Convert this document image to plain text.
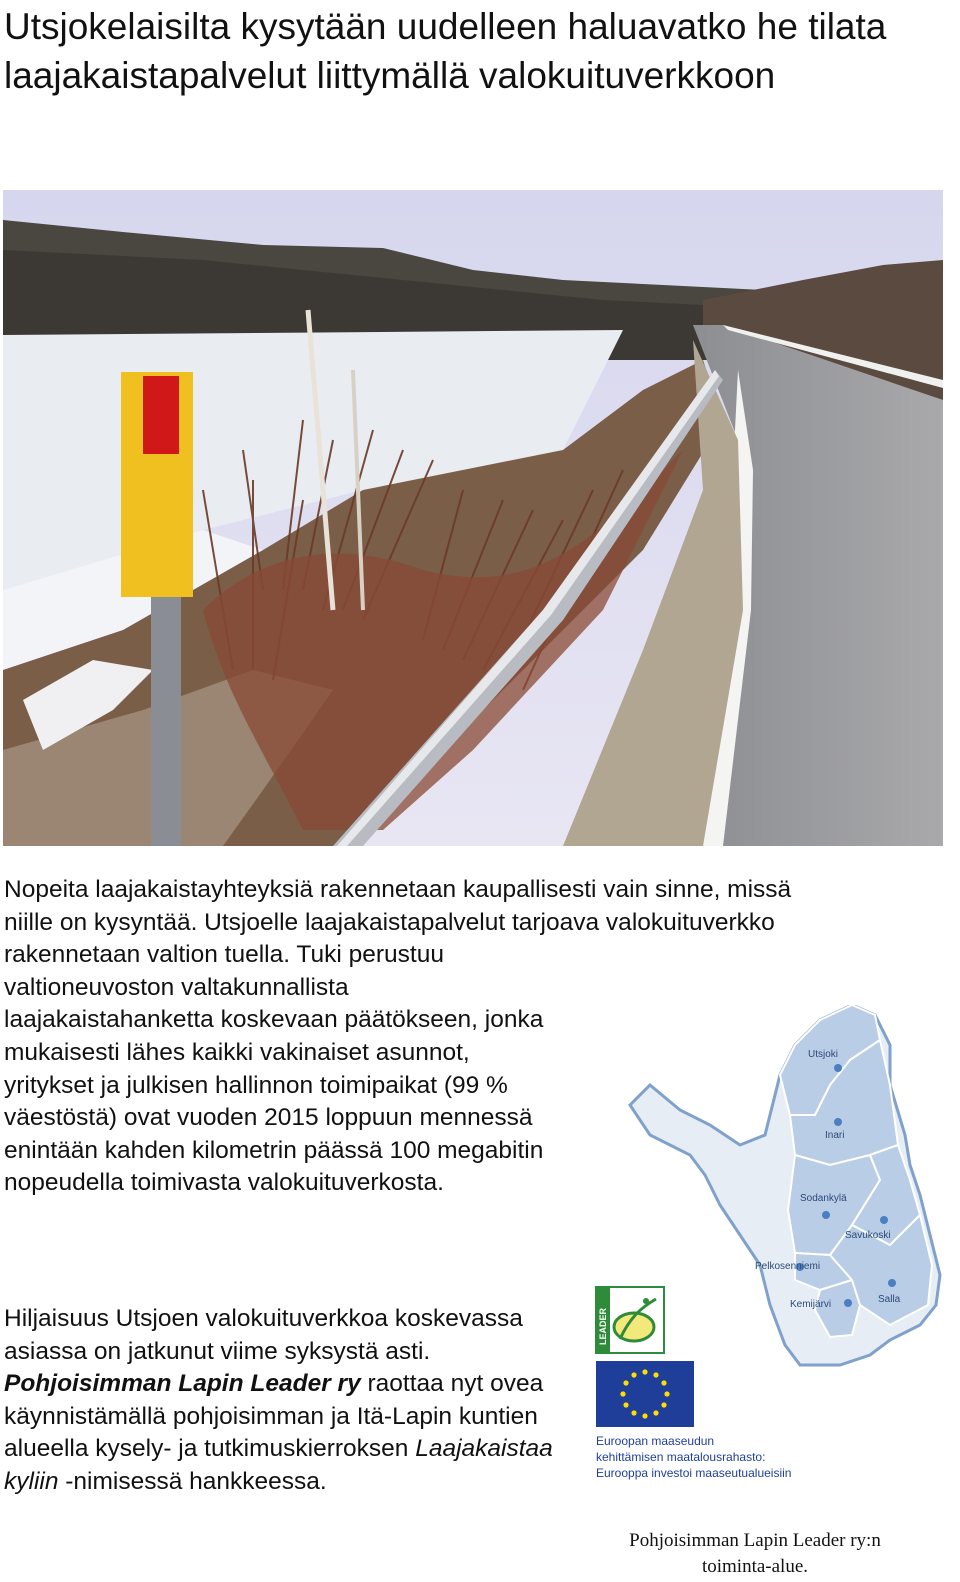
Utsjokelaisilta kysytään uudelleen haluavatko he tilata laajakaistapalvelut liittymällä valokuituverkkoon
Nopeita laajakaistayhteyksiä rakennetaan kaupallisesti vain sinne, missä
niille on kysyntää. Utsjoelle laajakaistapalvelut tarjoava valokuituverkko
rakennetaan valtion tuella. Tuki perustuu valtioneuvoston valtakunnallista laajakaistahanketta koskevaan päätökseen, jonka mukaisesti lähes kaikki vakinaiset asunnot, yritykset ja julkisen hallinnon toimipaikat (99 % väestöstä) ovat vuoden 2015 loppuun mennessä enintään kahden kilometrin päässä 100 megabitin nopeudella toimivasta valokuituverkosta.

Hiljaisuus Utsjoen valokuituverkkoa koskevassa asiassa on jatkunut viime syksystä asti. Pohjoisimman Lapin Leader ry raottaa nyt ovea käynnistämällä pohjoisimman ja Itä-Lapin kuntien alueella kysely- ja tutkimuskierroksen Laajakaistaa kyliin -nimisessä hankkeessa.

Utsjoki
Inari
Sodankylä
Savukoski
Pelkosenniemi
Kemijärvi	Salla
LEADER
Euroopan maaseudun
kehittämisen maatalousrahasto:
Eurooppa investoi maaseutualueisiin

Pohjoisimman Lapin Leader ry:n
toiminta-alue.
